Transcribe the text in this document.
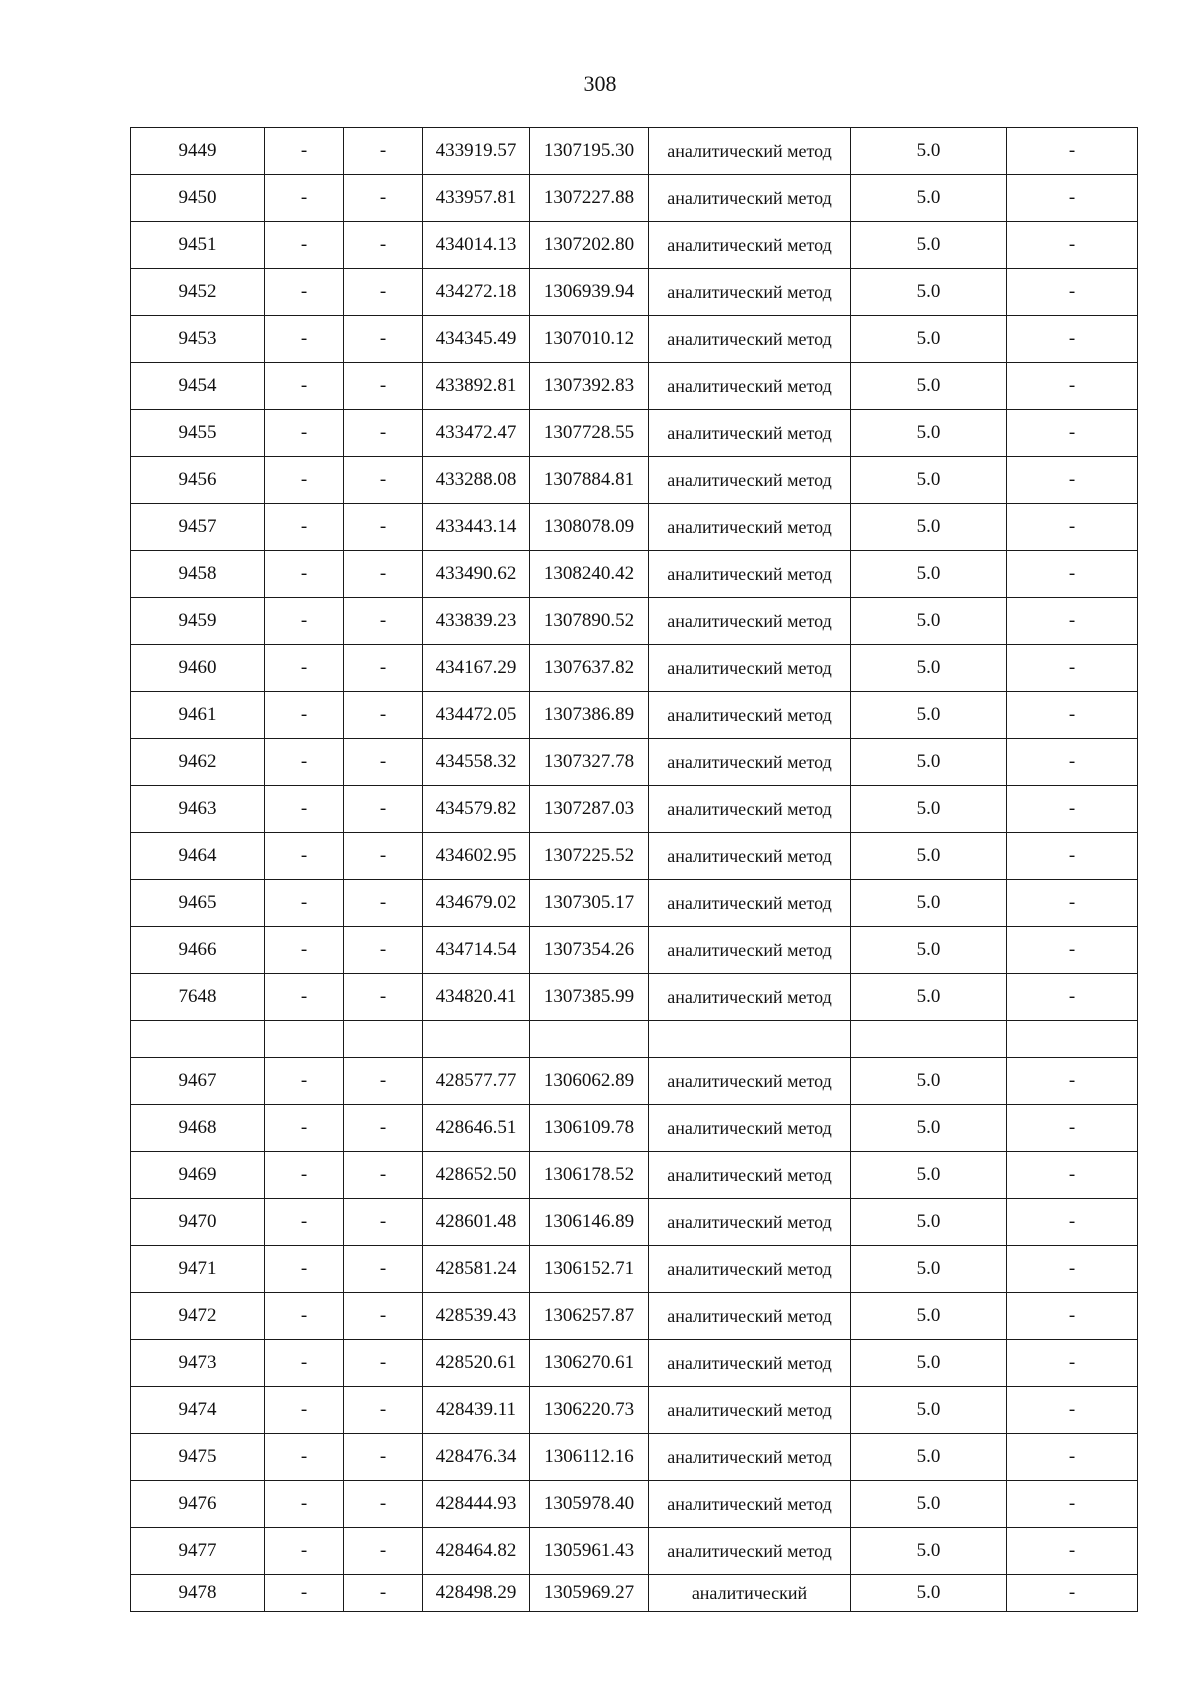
308
9449	-	-	433919.57	1307195.30	аналитический метод	5.0	-
9450	-	-	433957.81	1307227.88	аналитический метод	5.0	-
9451	-	-	434014.13	1307202.80	аналитический метод	5.0	-
9452	-	-	434272.18	1306939.94	аналитический метод	5.0	-
9453	-	-	434345.49	1307010.12	аналитический метод	5.0	-
9454	-	-	433892.81	1307392.83	аналитический метод	5.0	-
9455	-	-	433472.47	1307728.55	аналитический метод	5.0	-
9456	-	-	433288.08	1307884.81	аналитический метод	5.0	-
9457	-	-	433443.14	1308078.09	аналитический метод	5.0	-
9458	-	-	433490.62	1308240.42	аналитический метод	5.0	-
9459	-	-	433839.23	1307890.52	аналитический метод	5.0	-
9460	-	-	434167.29	1307637.82	аналитический метод	5.0	-
9461	-	-	434472.05	1307386.89	аналитический метод	5.0	-
9462	-	-	434558.32	1307327.78	аналитический метод	5.0	-
9463	-	-	434579.82	1307287.03	аналитический метод	5.0	-
9464	-	-	434602.95	1307225.52	аналитический метод	5.0	-
9465	-	-	434679.02	1307305.17	аналитический метод	5.0	-
9466	-	-	434714.54	1307354.26	аналитический метод	5.0	-
7648	-	-	434820.41	1307385.99	аналитический метод	5.0	-

9467	-	-	428577.77	1306062.89	аналитический метод	5.0	-
9468	-	-	428646.51	1306109.78	аналитический метод	5.0	-
9469	-	-	428652.50	1306178.52	аналитический метод	5.0	-
9470	-	-	428601.48	1306146.89	аналитический метод	5.0	-
9471	-	-	428581.24	1306152.71	аналитический метод	5.0	-
9472	-	-	428539.43	1306257.87	аналитический метод	5.0	-
9473	-	-	428520.61	1306270.61	аналитический метод	5.0	-
9474	-	-	428439.11	1306220.73	аналитический метод	5.0	-
9475	-	-	428476.34	1306112.16	аналитический метод	5.0	-
9476	-	-	428444.93	1305978.40	аналитический метод	5.0	-
9477	-	-	428464.82	1305961.43	аналитический метод	5.0	-
9478	-	-	428498.29	1305969.27	аналитический	5.0	-
